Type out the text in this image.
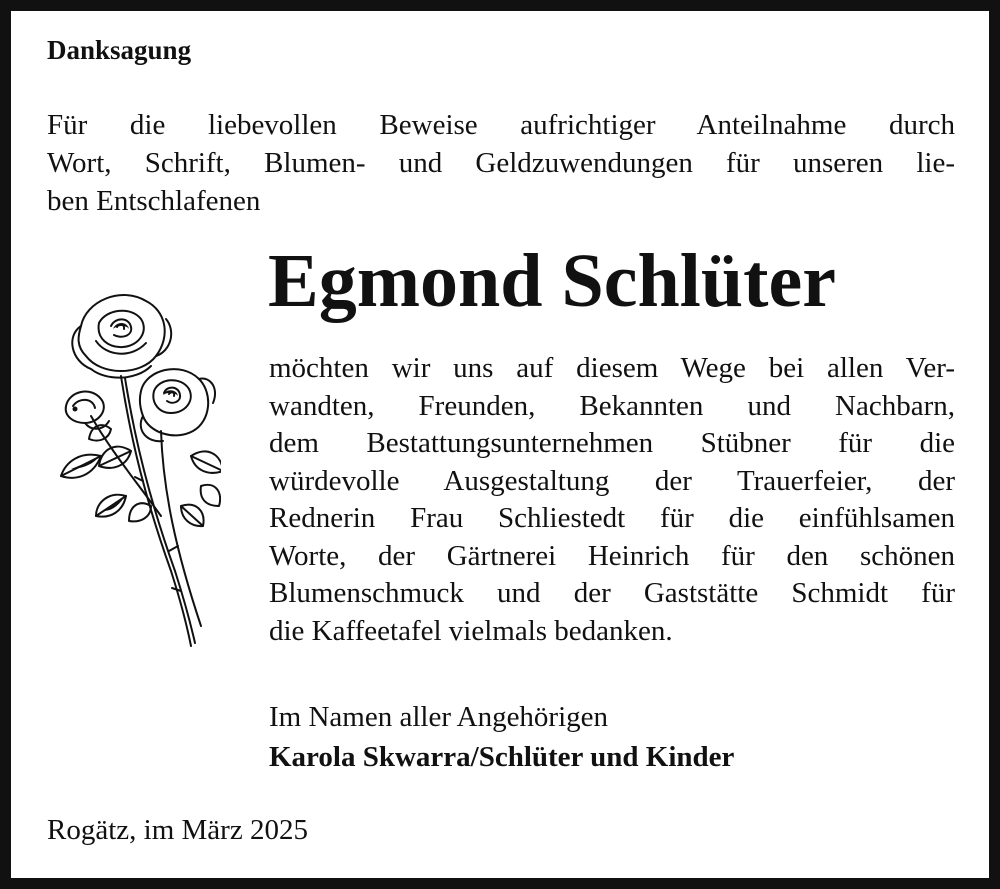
Danksagung

Für die liebevollen Beweise aufrichtiger Anteilnahme durch
Wort, Schrift, Blumen- und Geldzuwendungen für unseren lie-
ben Entschlafenen

Egmond Schlüter

möchten wir uns auf diesem Wege bei allen Ver-
wandten, Freunden, Bekannten und Nachbarn,
dem Bestattungsunternehmen Stübner für die
würdevolle Ausgestaltung der Trauerfeier, der
Rednerin Frau Schliestedt für die einfühlsamen
Worte, der Gärtnerei Heinrich für den schönen
Blumenschmuck und der Gaststätte Schmidt für
die Kaffeetafel vielmals bedanken.

Im Namen aller Angehörigen

Karola Skwarra/Schlüter und Kinder

Rogätz, im März 2025
